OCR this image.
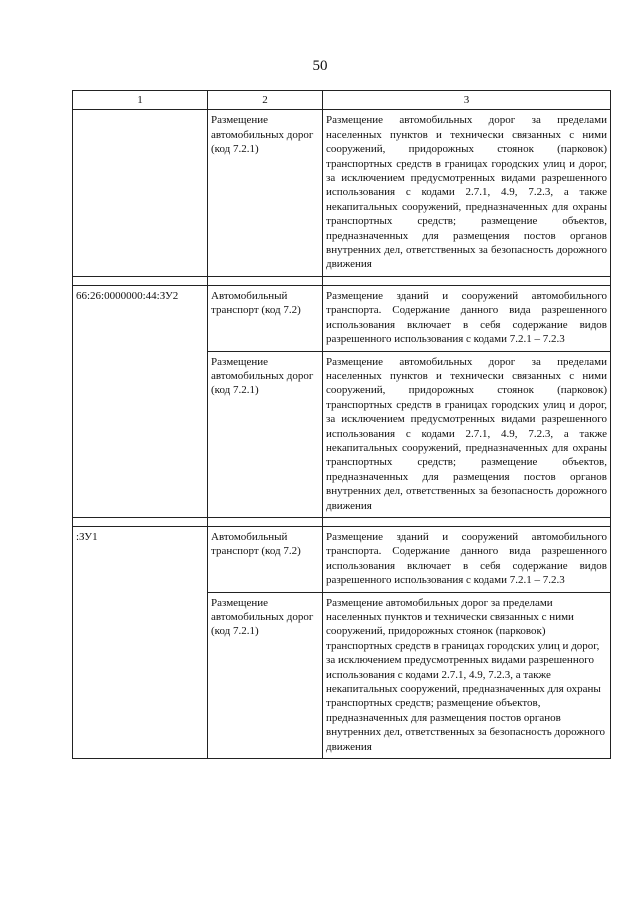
50
1	2	3
	Размещение автомобильных дорог (код 7.2.1)	Размещение автомобильных дорог за пределами населенных пунктов и технически связанных с ними сооружений, придорожных стоянок (парковок) транспортных средств в границах городских улиц и дорог, за исключением предусмотренных видами разрешенного использования с кодами 2.7.1, 4.9, 7.2.3, а также некапитальных сооружений, предназначенных для охраны транспортных средств; размещение объектов, предназначенных для размещения постов органов внутренних дел, ответственных за безопасность дорожного движения

66:26:0000000:44:ЗУ2	Автомобильный транспорт (код 7.2)	Размещение зданий и сооружений автомобильного транспорта. Содержание данного вида разрешенного использования включает в себя содержание видов разрешенного использования с кодами 7.2.1 – 7.2.3
	Размещение автомобильных дорог (код 7.2.1)	Размещение автомобильных дорог за пределами населенных пунктов и технически связанных с ними сооружений, придорожных стоянок (парковок) транспортных средств в границах городских улиц и дорог, за исключением предусмотренных видами разрешенного использования с кодами 2.7.1, 4.9, 7.2.3, а также некапитальных сооружений, предназначенных для охраны транспортных средств; размещение объектов, предназначенных для размещения постов органов внутренних дел, ответственных за безопасность дорожного движения

:ЗУ1	Автомобильный транспорт (код 7.2)	Размещение зданий и сооружений автомобильного транспорта. Содержание данного вида разрешенного использования включает в себя содержание видов разрешенного использования с кодами 7.2.1 – 7.2.3
	Размещение автомобильных дорог (код 7.2.1)	Размещение автомобильных дорог за пределами населенных пунктов и технически связанных с ними сооружений, придорожных стоянок (парковок) транспортных средств в границах городских улиц и дорог, за исключением предусмотренных видами разрешенного использования с кодами 2.7.1, 4.9, 7.2.3, а также некапитальных сооружений, предназначенных для охраны транспортных средств; размещение объектов, предназначенных для размещения постов органов внутренних дел, ответственных за безопасность дорожного движения
